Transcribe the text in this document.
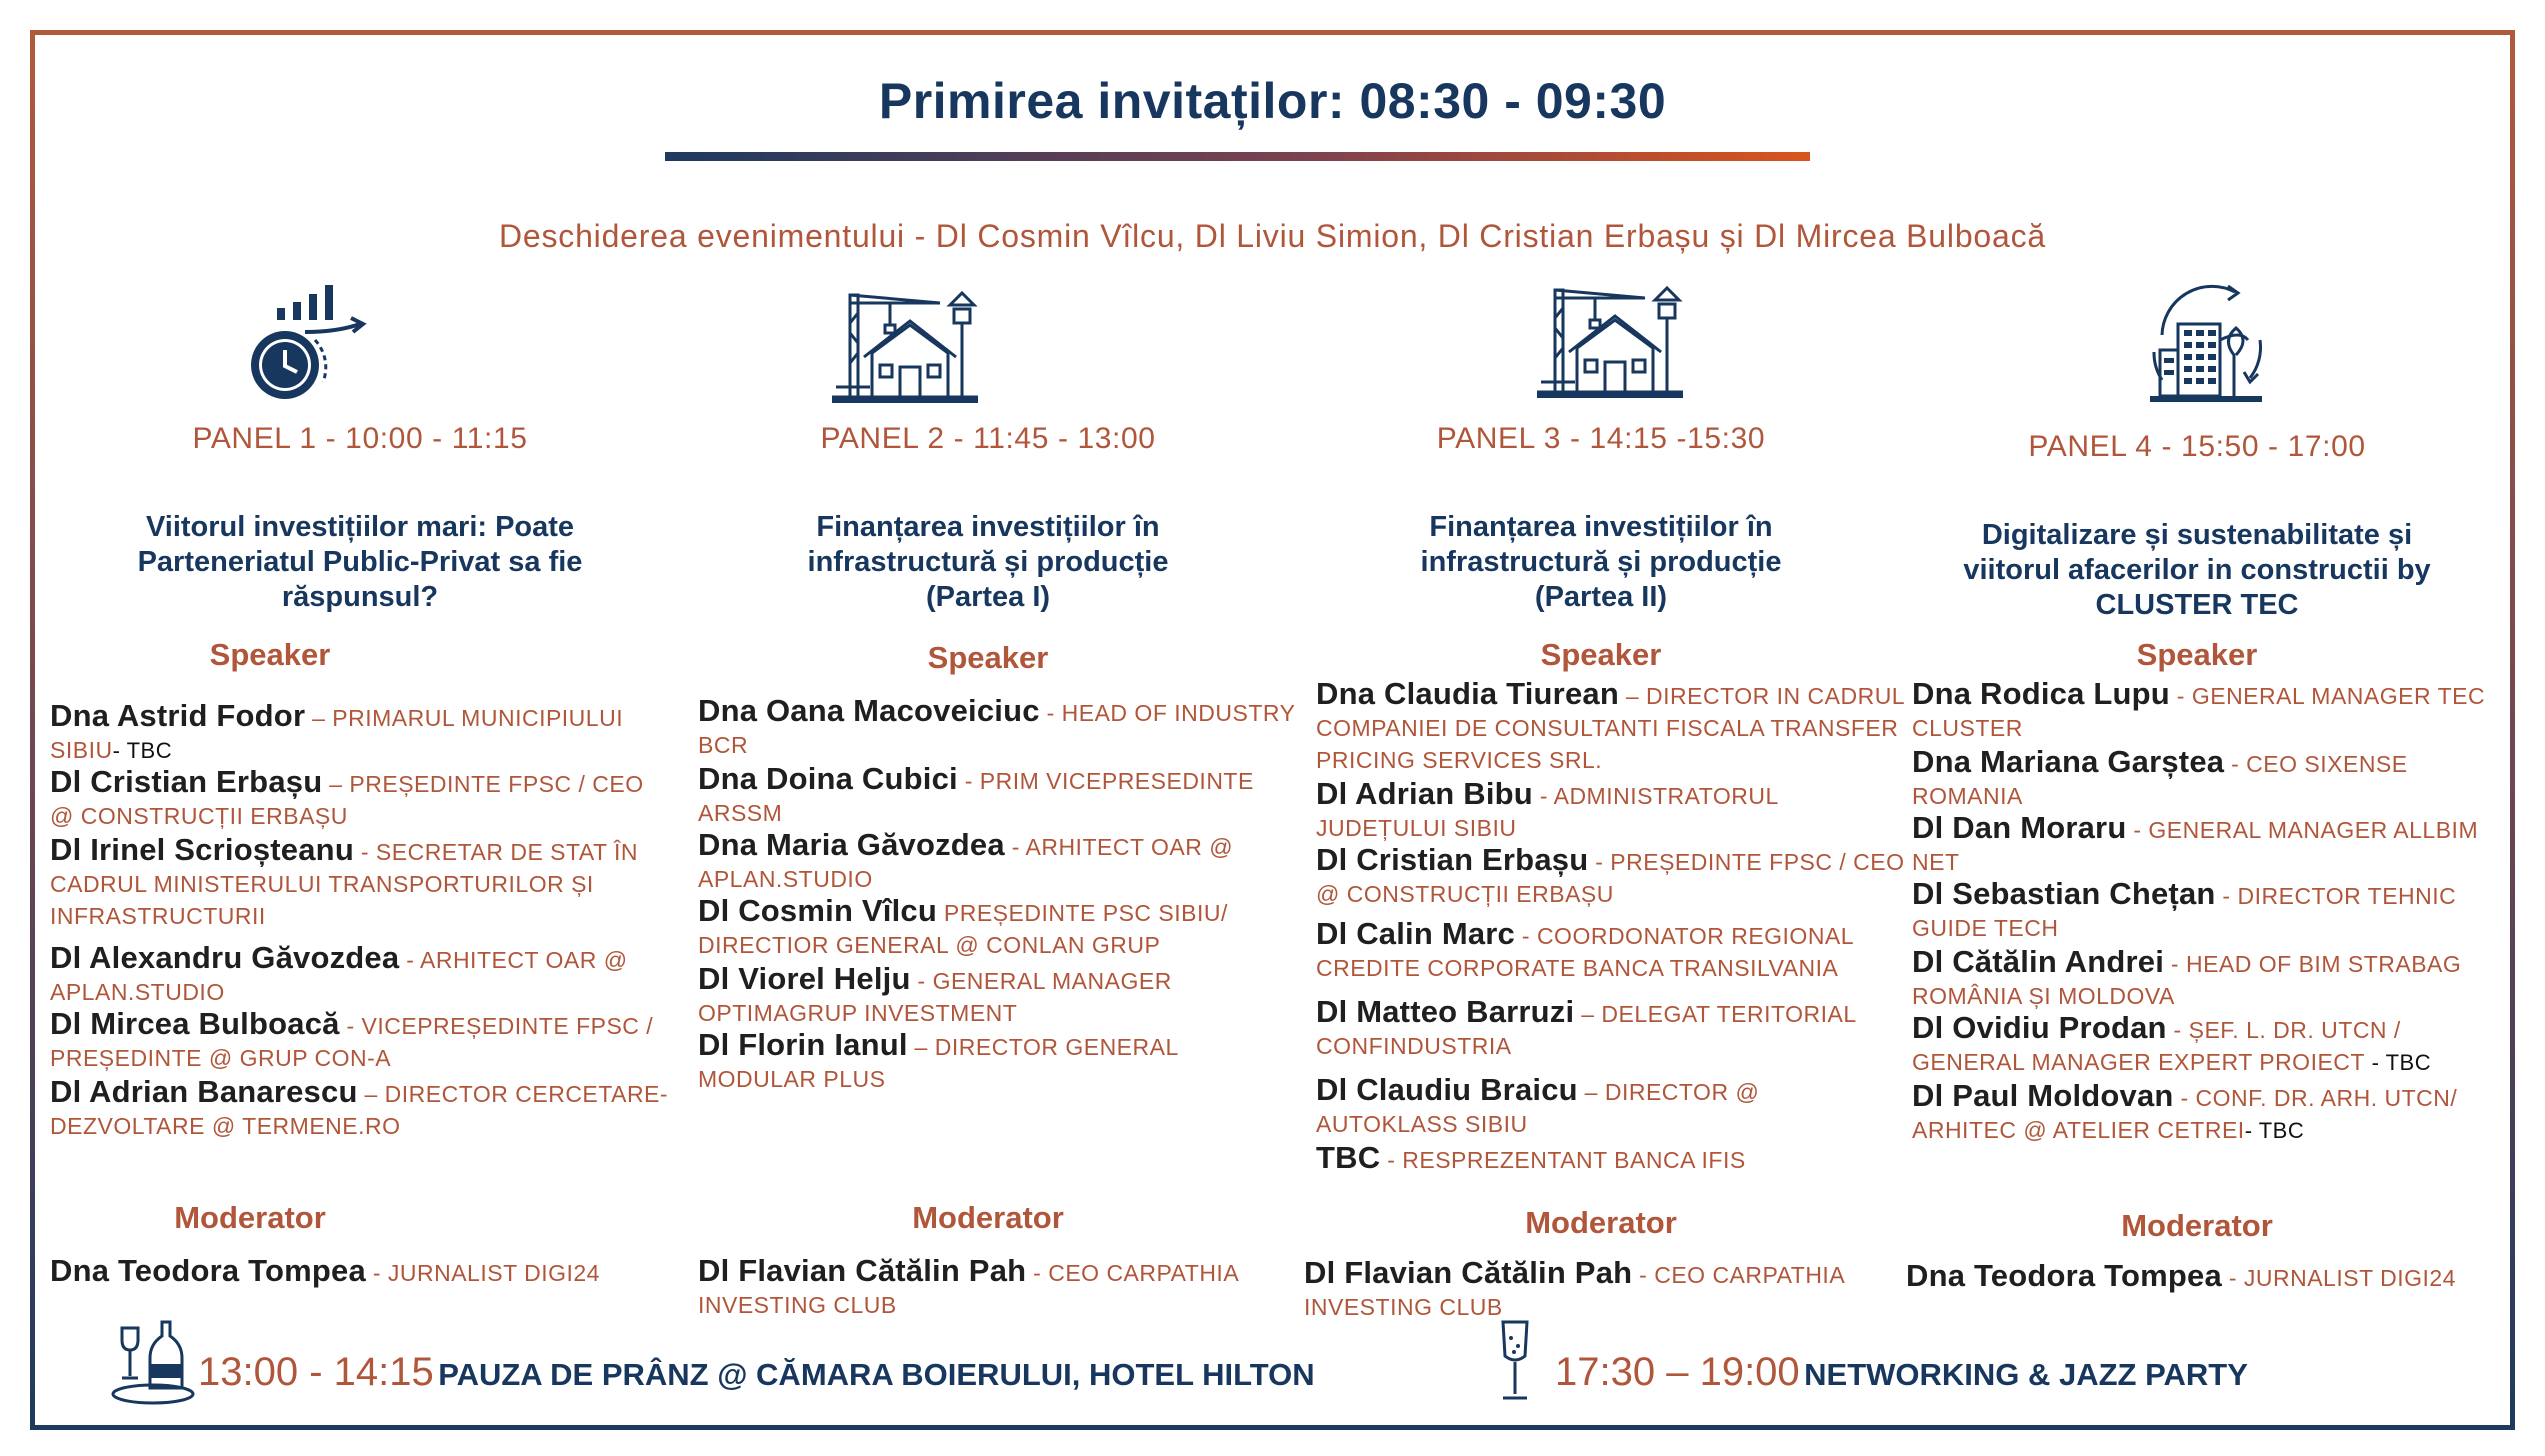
Primirea invitaților: 08:30 - 09:30
Deschiderea evenimentului - Dl Cosmin Vîlcu, Dl Liviu Simion, Dl Cristian Erbașu și Dl Mircea Bulboacă
PANEL 1 - 10:00 - 11:15
Viitorul investițiilor mari: Poate
Parteneriatul Public-Privat sa fie
răspunsul?
Speaker
Dna Astrid Fodor – PRIMARUL MUNICIPIULUI SIBIU- TBC
Dl Cristian Erbașu – PREȘEDINTE FPSC / CEO @ CONSTRUCȚII ERBAȘU
Dl Irinel Scrioșteanu - SECRETAR DE STAT ÎN CADRUL MINISTERULUI TRANSPORTURILOR ȘI INFRASTRUCTURII
Dl Alexandru Găvozdea - ARHITECT OAR @ APLAN.STUDIO
Dl Mircea Bulboacă - VICEPREȘEDINTE FPSC / PREȘEDINTE @ GRUP CON-A
Dl Adrian Banarescu – DIRECTOR CERCETARE-DEZVOLTARE @ TERMENE.RO
Moderator
Dna Teodora Tompea - JURNALIST DIGI24
PANEL 2 - 11:45 - 13:00
Finanțarea investițiilor în
infrastructură și producție
(Partea I)
Speaker
Dna Oana Macoveiciuc - HEAD OF INDUSTRY BCR
Dna Doina Cubici - PRIM VICEPRESEDINTE ARSSM
Dna Maria Găvozdea - ARHITECT OAR @ APLAN.STUDIO
Dl Cosmin Vîlcu PREȘEDINTE PSC SIBIU/ DIRECTIOR GENERAL @ CONLAN GRUP
Dl Viorel Helju - GENERAL MANAGER OPTIMAGRUP INVESTMENT
Dl Florin Ianul – DIRECTOR GENERAL MODULAR PLUS
Moderator
Dl Flavian Cătălin Pah - CEO CARPATHIA INVESTING CLUB
PANEL 3 - 14:15 -15:30
Finanțarea investițiilor în
infrastructură și producție
(Partea II)
Speaker
Dna Claudia Tiurean – DIRECTOR IN CADRUL COMPANIEI DE CONSULTANTI FISCALA TRANSFER PRICING SERVICES SRL.
Dl Adrian Bibu - ADMINISTRATORUL JUDEȚULUI SIBIU
Dl Cristian Erbașu - PREȘEDINTE FPSC / CEO @ CONSTRUCȚII ERBAȘU
Dl Calin Marc - COORDONATOR REGIONAL CREDITE CORPORATE BANCA TRANSILVANIA
Dl Matteo Barruzi – DELEGAT TERITORIAL CONFINDUSTRIA
Dl Claudiu Braicu – DIRECTOR @ AUTOKLASS SIBIU
TBC - RESPREZENTANT BANCA IFIS
Moderator
Dl Flavian Cătălin Pah - CEO CARPATHIA INVESTING CLUB
PANEL 4 - 15:50 - 17:00
Digitalizare și sustenabilitate și
viitorul afacerilor in constructii by
CLUSTER TEC
Speaker
Dna Rodica Lupu - GENERAL MANAGER TEC CLUSTER
Dna Mariana Garștea - CEO SIXENSE ROMANIA
Dl Dan Moraru - GENERAL MANAGER ALLBIM NET
Dl Sebastian Chețan - DIRECTOR TEHNIC GUIDE TECH
Dl Cătălin Andrei - HEAD OF BIM STRABAG ROMÂNIA ȘI MOLDOVA
Dl Ovidiu Prodan - ȘEF. L. DR. UTCN / GENERAL MANAGER EXPERT PROIECT - TBC
Dl Paul Moldovan - CONF. DR. ARH. UTCN/ ARHITEC @ ATELIER CETREI- TBC
Moderator
Dna Teodora Tompea - JURNALIST DIGI24
13:00 - 14:15 PAUZA DE PRÂNZ @ CĂMARA BOIERULUI, HOTEL HILTON	17:30 – 19:00 NETWORKING & JAZZ PARTY
